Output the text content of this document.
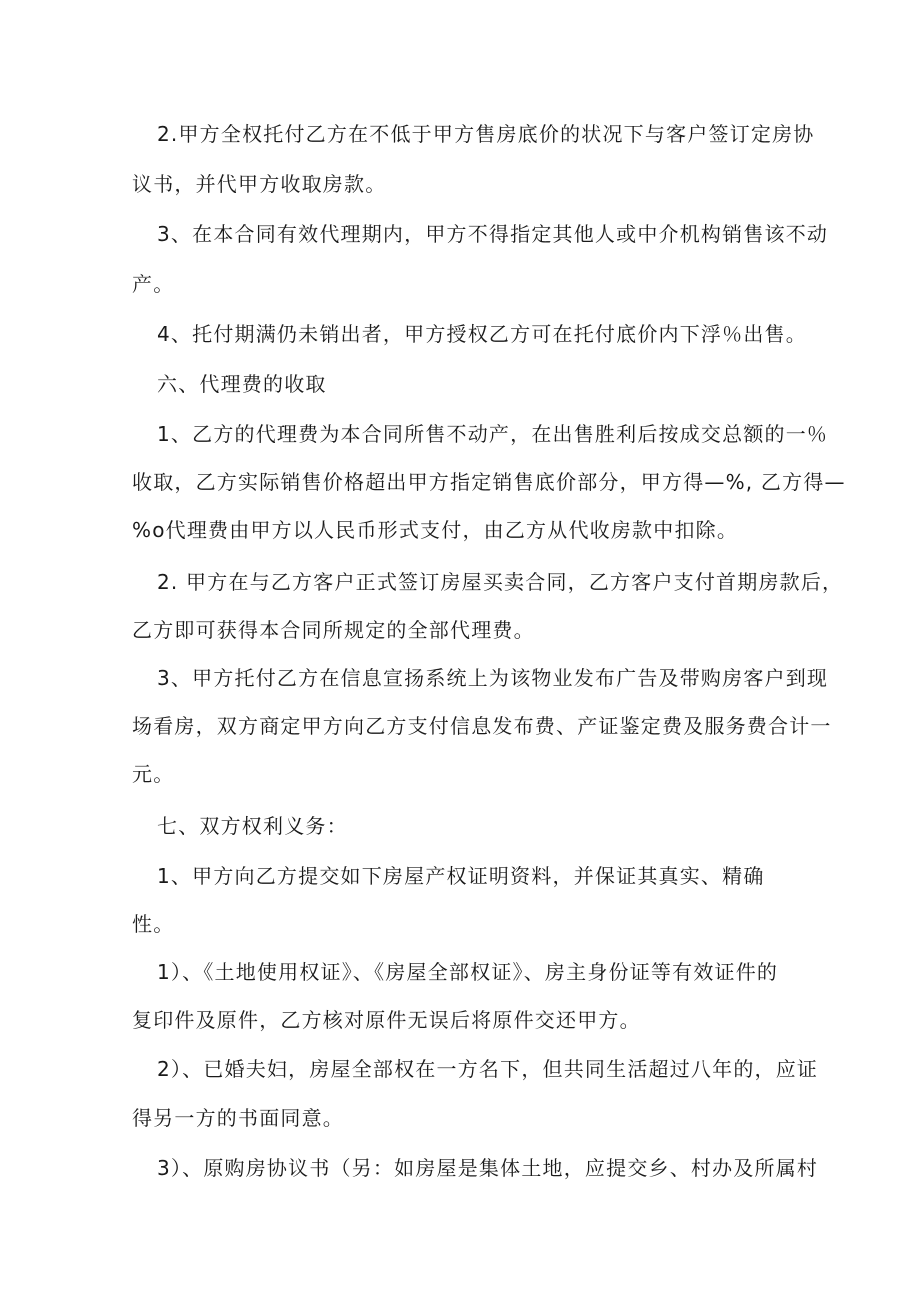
2.甲方全权托付乙方在不低于甲方售房底价的状况下与客户签订定房协

议书，并代甲方收取房款。

3、在本合同有效代理期内，甲方不得指定其他人或中介机构销售该不动

产。

4、托付期满仍未销出者，甲方授权乙方可在托付底价内下浮％出售。

六、代理费的收取

1、乙方的代理费为本合同所售不动产，在出售胜利后按成交总额的一％

收取，乙方实际销售价格超出甲方指定销售底价部分，甲方得—%, 乙方得—

%o代理费由甲方以人民币形式支付，由乙方从代收房款中扣除。

2. 甲方在与乙方客户正式签订房屋买卖合同，乙方客户支付首期房款后，

乙方即可获得本合同所规定的全部代理费。

3、甲方托付乙方在信息宣扬系统上为该物业发布广告及带购房客户到现

场看房，双方商定甲方向乙方支付信息发布费、产证鉴定费及服务费合计一

元。

七、双方权利义务：

1、甲方向乙方提交如下房屋产权证明资料，并保证其真实、精确

性。

1）、《土地使用权证》、《房屋全部权证》、房主身份证等有效证件的

复印件及原件，乙方核对原件无误后将原件交还甲方。

2）、已婚夫妇，房屋全部权在一方名下，但共同生活超过八年的，应证

得另一方的书面同意。

3）、原购房协议书（另：如房屋是集体土地，应提交乡、村办及所属村
